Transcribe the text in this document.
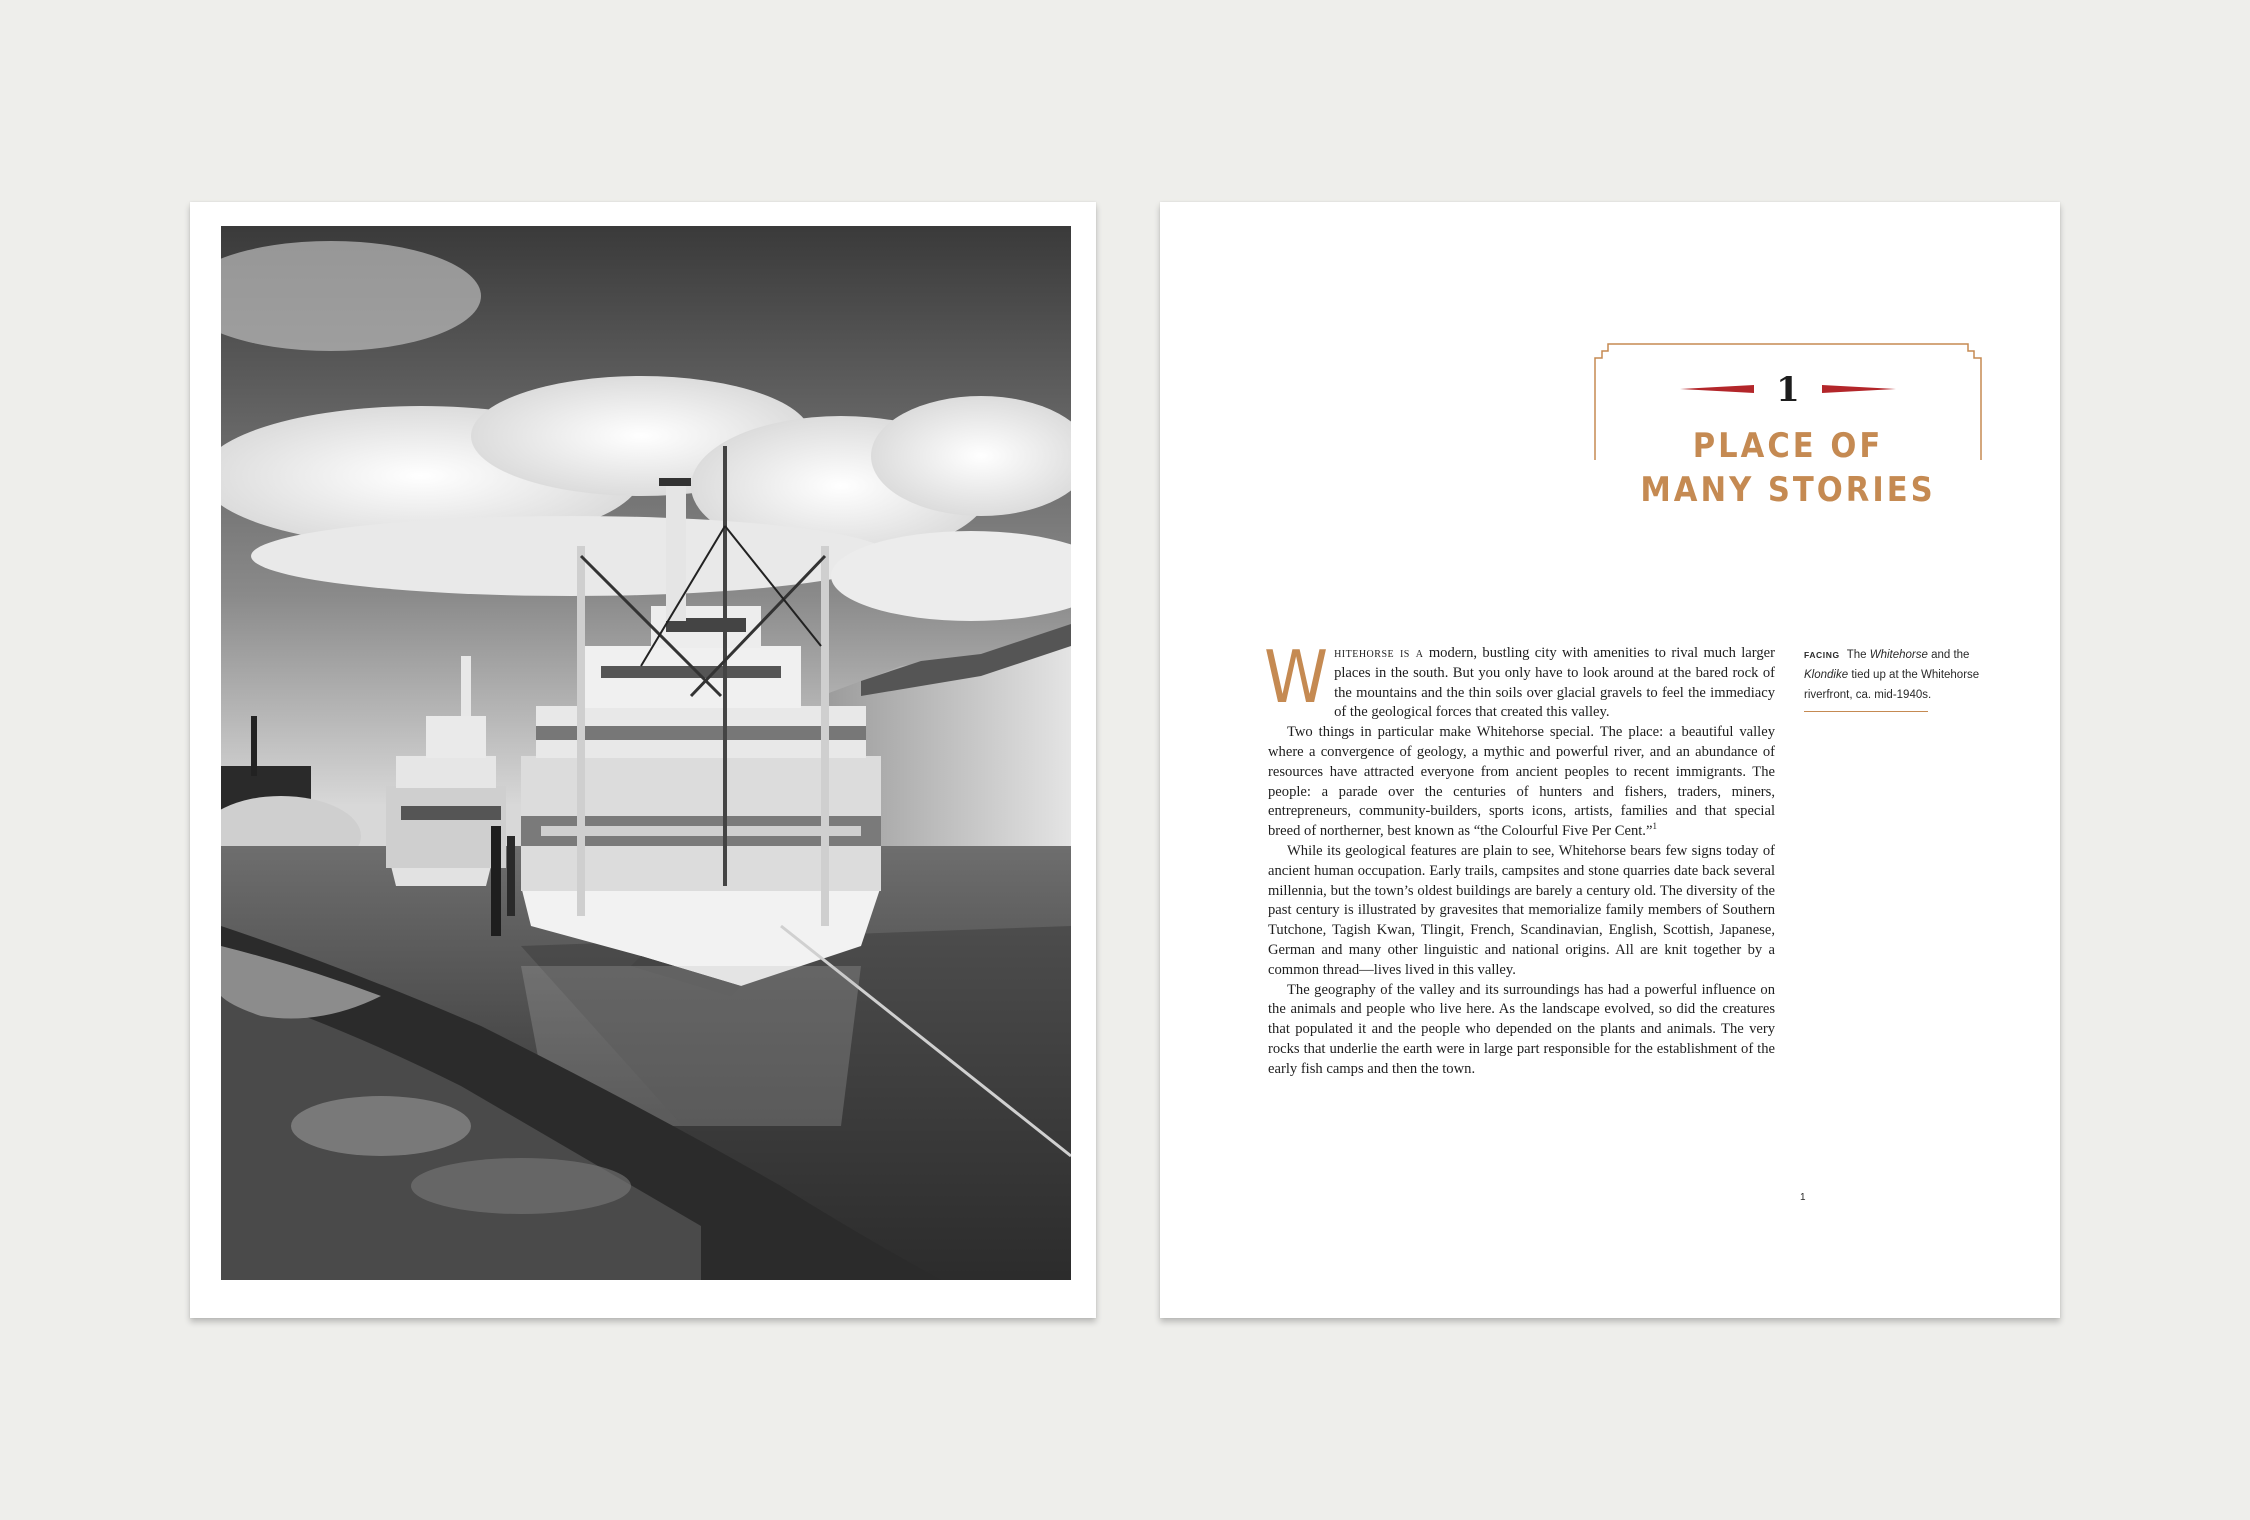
1
PLACE OF
MANY STORIES

Whitehorse is a modern, bustling city with amenities to rival much larger places in the south. But you only have to look around at the bared rock of the mountains and the thin soils over glacial gravels to feel the immediacy of the geological forces that created this valley.

Two things in particular make Whitehorse special. The place: a beautiful valley where a convergence of geology, a mythic and powerful river, and an abundance of resources have attracted everyone from ancient peoples to recent immigrants. The people: a parade over the centuries of hunters and fishers, traders, miners, entrepreneurs, community-builders, sports icons, artists, families and that special breed of northerner, best known as “the Colourful Five Per Cent.”$^1$

While its geological features are plain to see, Whitehorse bears few signs today of ancient human occupation. Early trails, campsites and stone quarries date back several millennia, but the town’s oldest buildings are barely a century old. The diversity of the past century is illustrated by gravesites that memorialize family members of Southern Tutchone, Tagish Kwan, Tlingit, French, Scandinavian, English, Scottish, Japanese, German and many other linguistic and national origins. All are knit together by a common thread—lives lived in this valley.

The geography of the valley and its surroundings has had a powerful influence on the animals and people who live here. As the landscape evolved, so did the creatures that populated it and the people who depended on the plants and animals. The very rocks that underlie the earth were in large part responsible for the establishment of the early fish camps and then the town.

FACING The Whitehorse and the Klondike tied up at the Whitehorse riverfront, ca. mid-1940s.
1
